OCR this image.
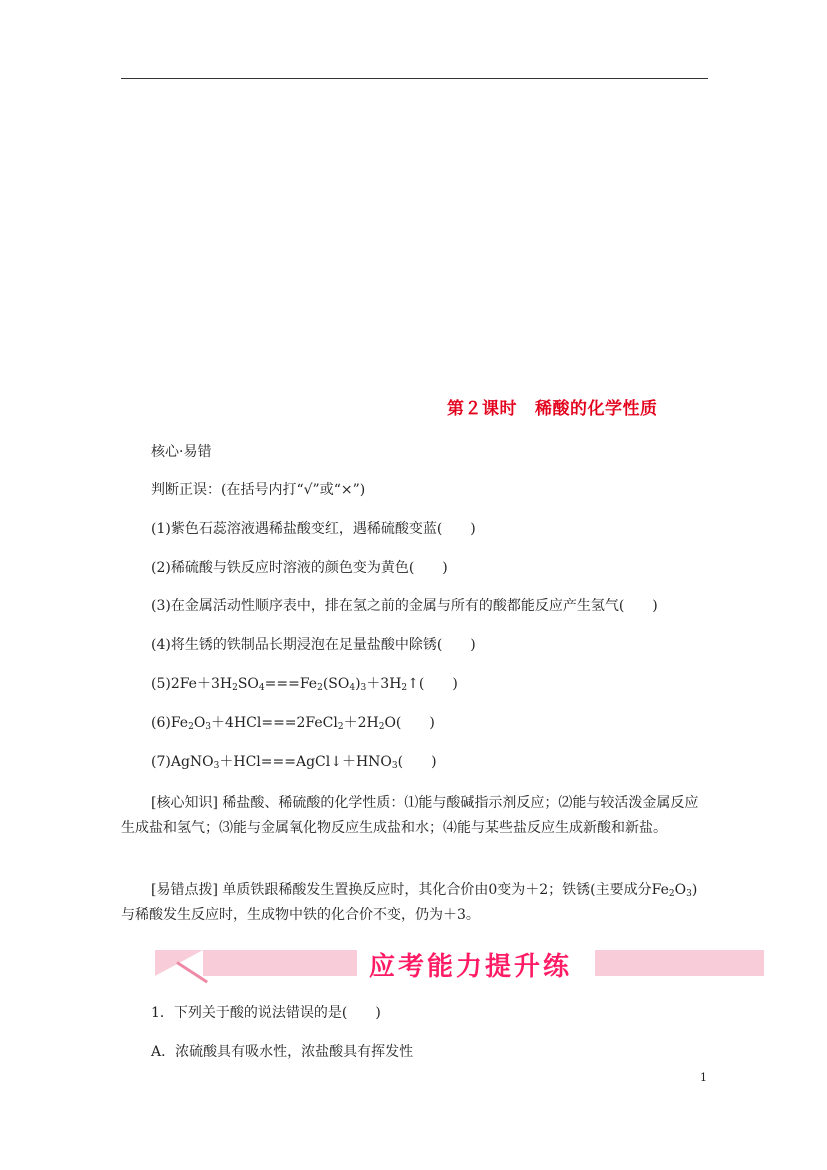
第２课时 稀酸的化学性质
核心·易错
判断正误：(在括号内打“√”或“×”)
(1)紫色石蕊溶液遇稀盐酸变红，遇稀硫酸变蓝(　　)
(2)稀硫酸与铁反应时溶液的颜色变为黄色(　　)
(3)在金属活动性顺序表中，排在氢之前的金属与所有的酸都能反应产生氢气(　　)
(4)将生锈的铁制品长期浸泡在足量盐酸中除锈(　　)
$(5)2Fe+3H_2SO_4===Fe_2(SO_4)_3+3H_2↑$(　　)
$(6)Fe_2O_3+4HCl===2FeCl_2+2H_2O$(　　)
$(7)AgNO_3+HCl===AgCl↓+HNO_3$(　　)
[核心知识] 稀盐酸、稀硫酸的化学性质：⑴能与酸碱指示剂反应；⑵能与较活泼金属反应生成盐和氢气；⑶能与金属氧化物反应生成盐和水；⑷能与某些盐反应生成新酸和新盐。
[易错点拨] 单质铁跟稀酸发生置换反应时，其化合价由0变为＋2；铁锈(主要成分$Fe_2O_3$)与稀酸发生反应时，生成物中铁的化合价不变，仍为＋3。
应考能力提升练
1．下列关于酸的说法错误的是(　　)
A．浓硫酸具有吸水性，浓盐酸具有挥发性
1
